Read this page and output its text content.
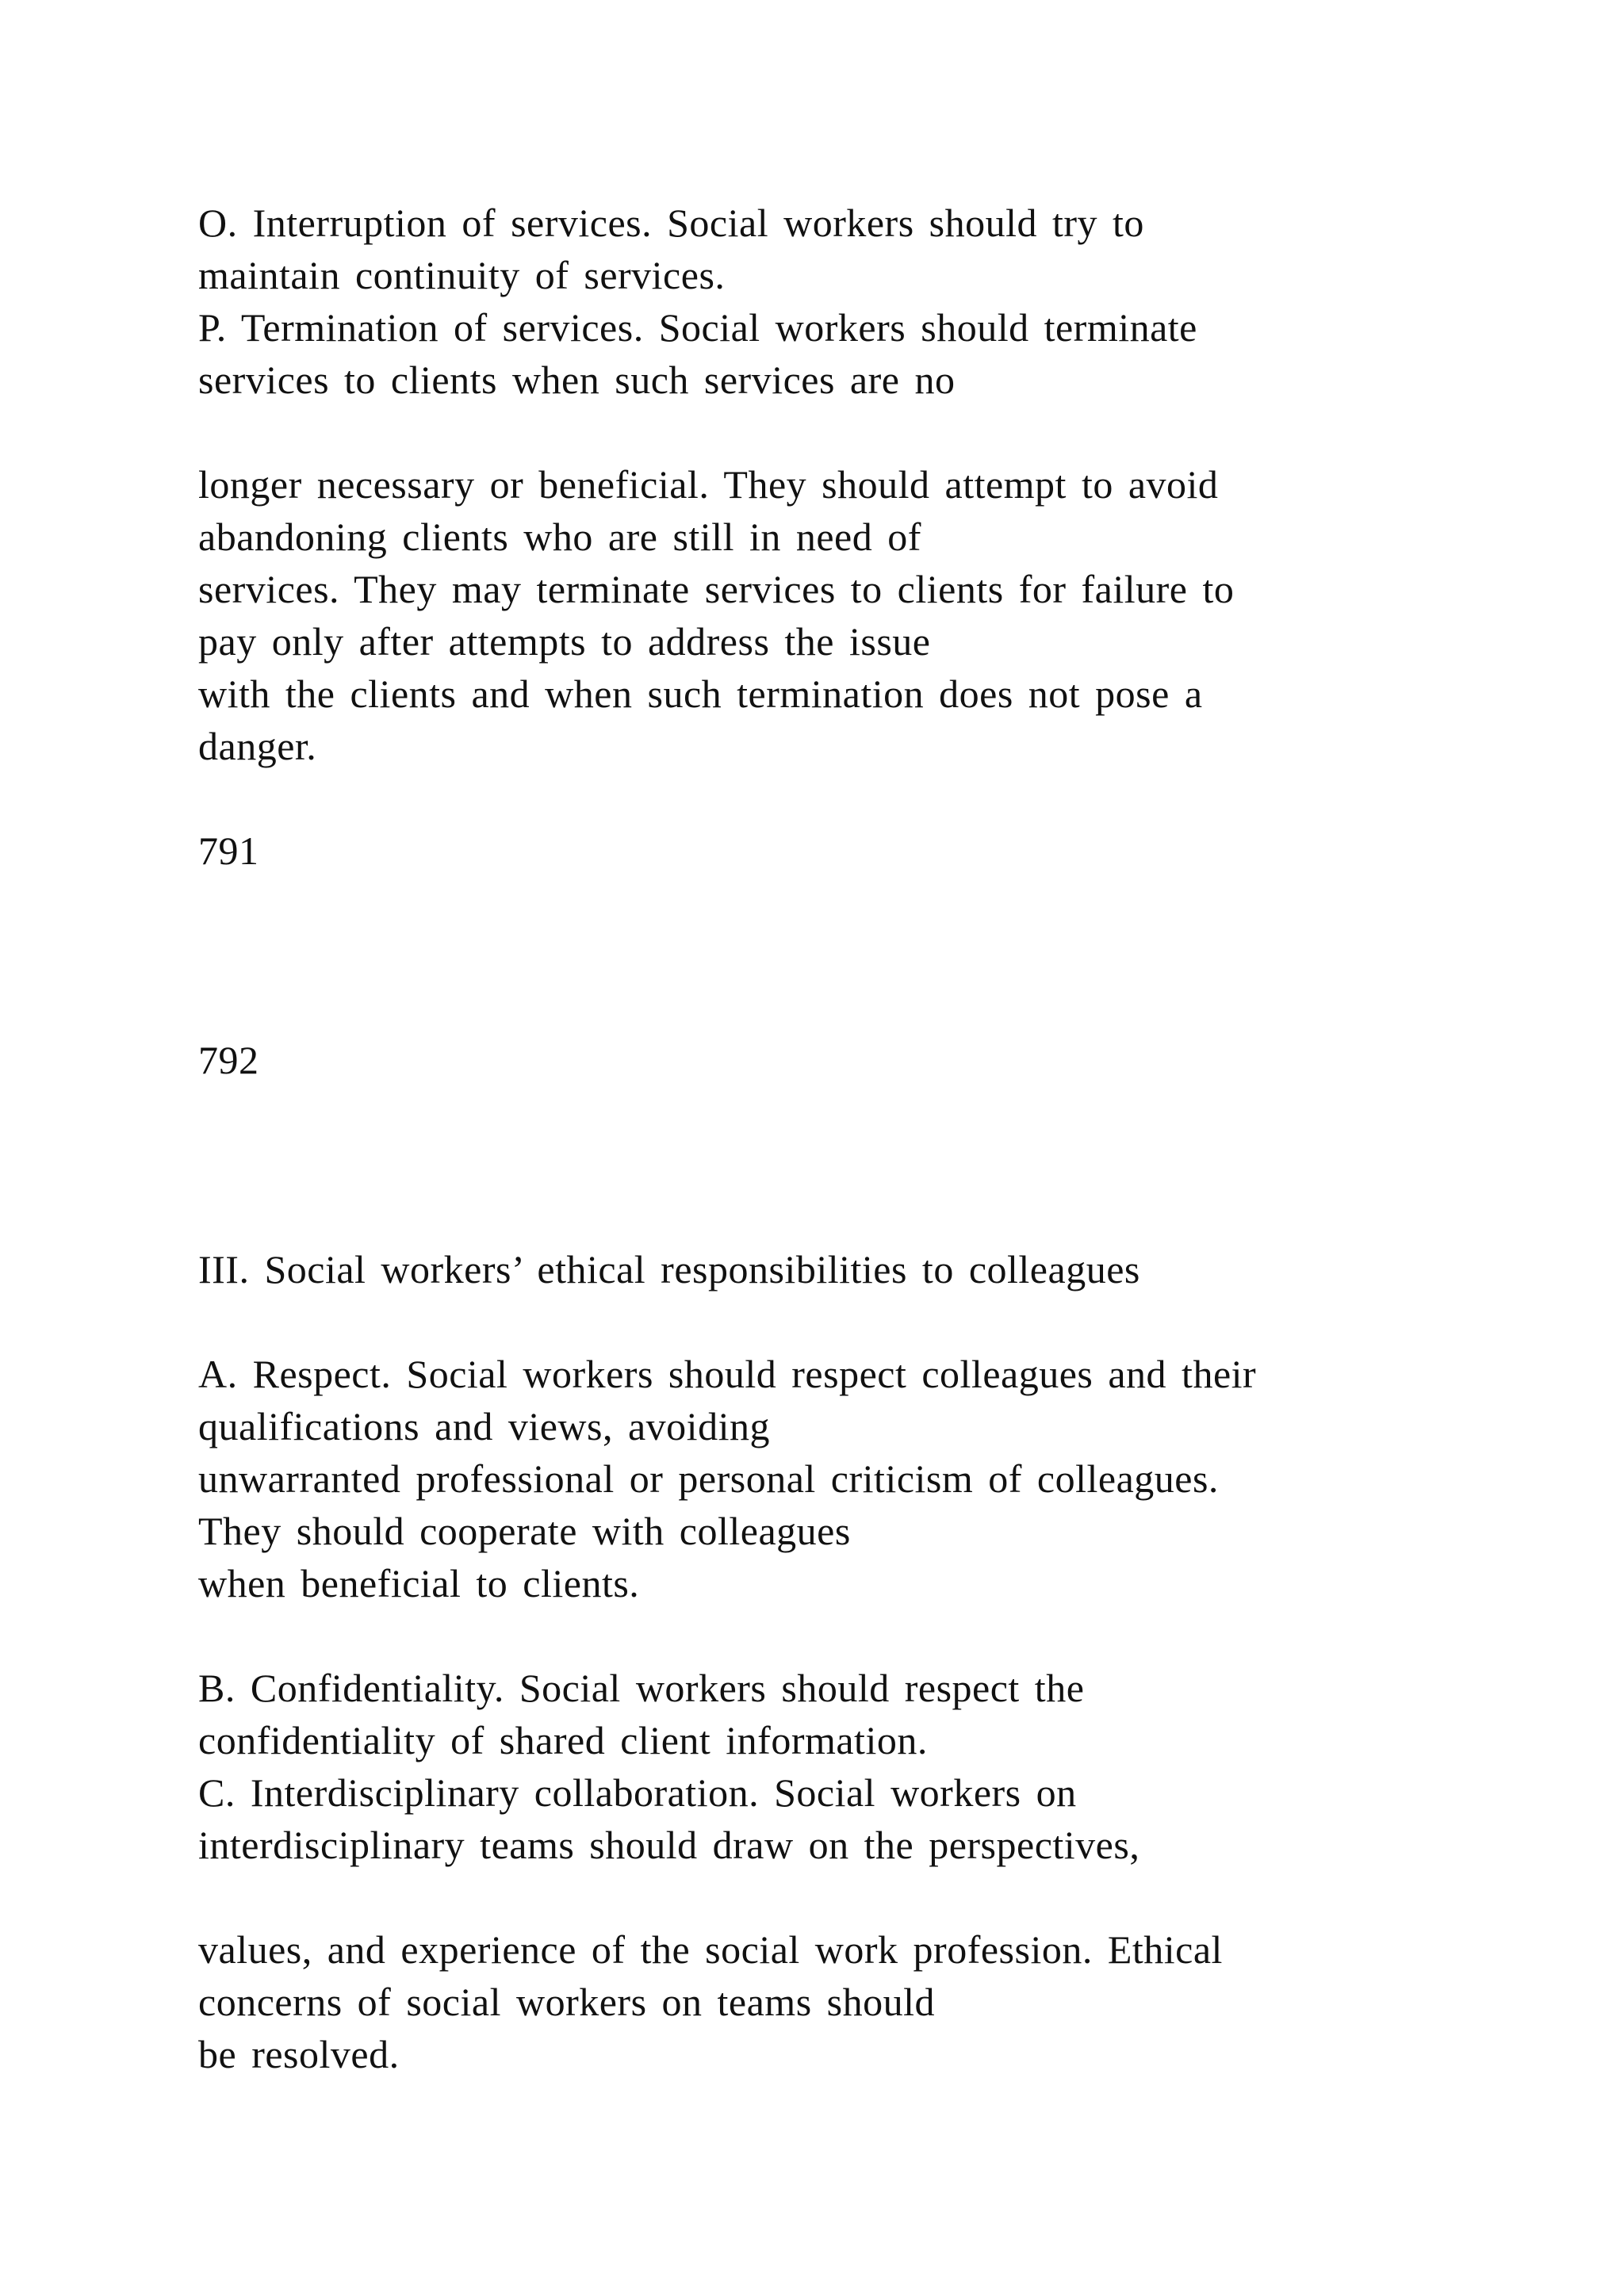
O. Interruption of services. Social workers should try to
maintain continuity of services.
P. Termination of services. Social workers should terminate
services to clients when such services are no
longer necessary or beneficial. They should attempt to avoid
abandoning clients who are still in need of
services. They may terminate services to clients for failure to
pay only after attempts to address the issue
with the clients and when such termination does not pose a
danger.
791
792
III. Social workers’ ethical responsibilities to colleagues
A. Respect. Social workers should respect colleagues and their
qualifications and views, avoiding
unwarranted professional or personal criticism of colleagues.
They should cooperate with colleagues
when beneficial to clients.
B. Confidentiality. Social workers should respect the
confidentiality of shared client information.
C. Interdisciplinary collaboration. Social workers on
interdisciplinary teams should draw on the perspectives,
values, and experience of the social work profession. Ethical
concerns of social workers on teams should
be resolved.
